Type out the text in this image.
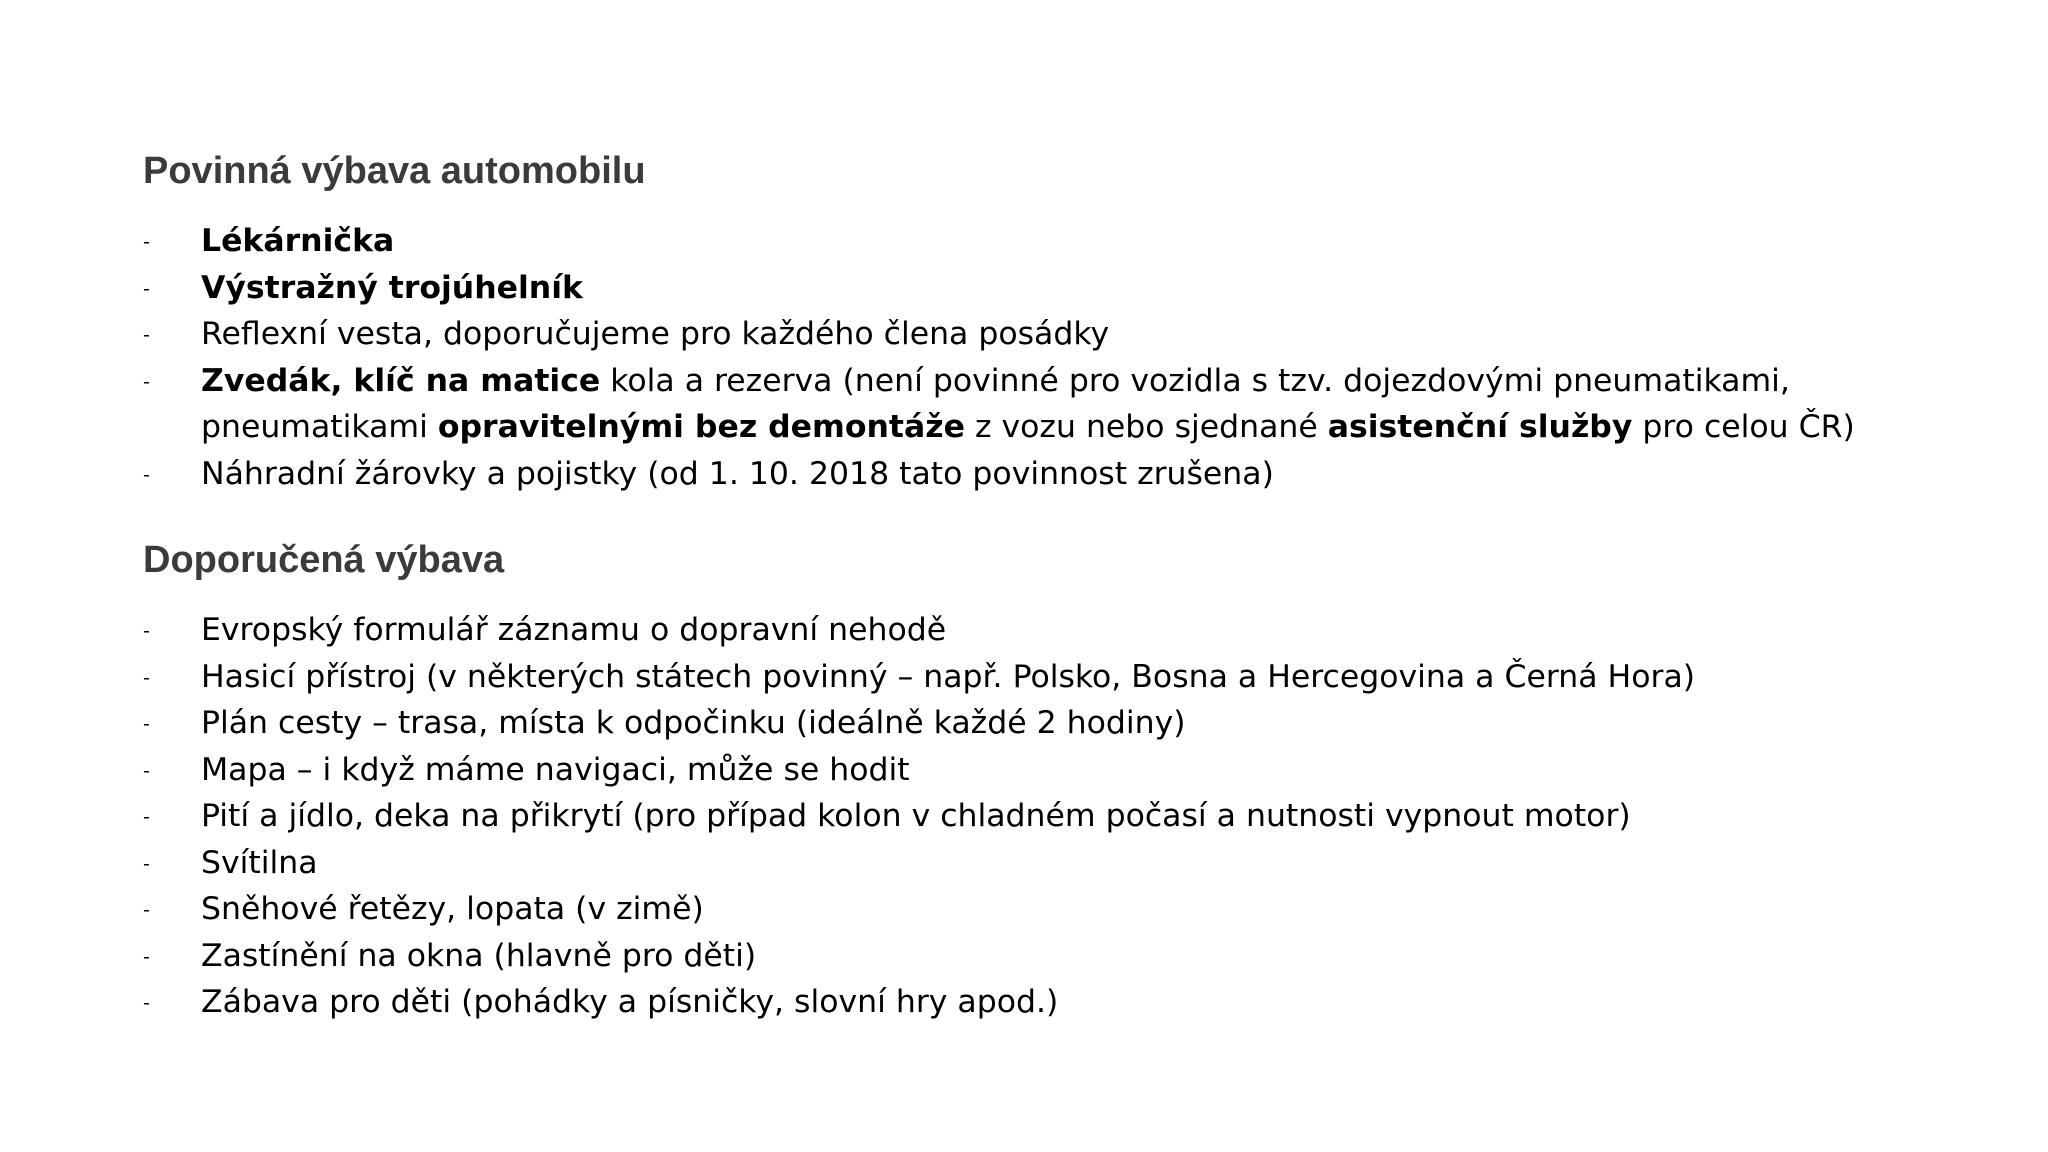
Povinná výbava automobilu
- Lékárnička
- Výstražný trojúhelník
- Reflexní vesta, doporučujeme pro každého člena posádky
- Zvedák, klíč na matice kola a rezerva (není povinné pro vozidla s tzv. dojezdovými pneumatikami,
pneumatikami opravitelnými bez demontáže z vozu nebo sjednané asistenční služby pro celou ČR)
- Náhradní žárovky a pojistky (od 1. 10. 2018 tato povinnost zrušena)
Doporučená výbava
- Evropský formulář záznamu o dopravní nehodě
- Hasicí přístroj (v některých státech povinný – např. Polsko, Bosna a Hercegovina a Černá Hora)
- Plán cesty – trasa, místa k odpočinku (ideálně každé 2 hodiny)
- Mapa – i když máme navigaci, může se hodit
- Pití a jídlo, deka na přikrytí (pro případ kolon v chladném počasí a nutnosti vypnout motor)
- Svítilna
- Sněhové řetězy, lopata (v zimě)
- Zastínění na okna (hlavně pro děti)
- Zábava pro děti (pohádky a písničky, slovní hry apod.)
